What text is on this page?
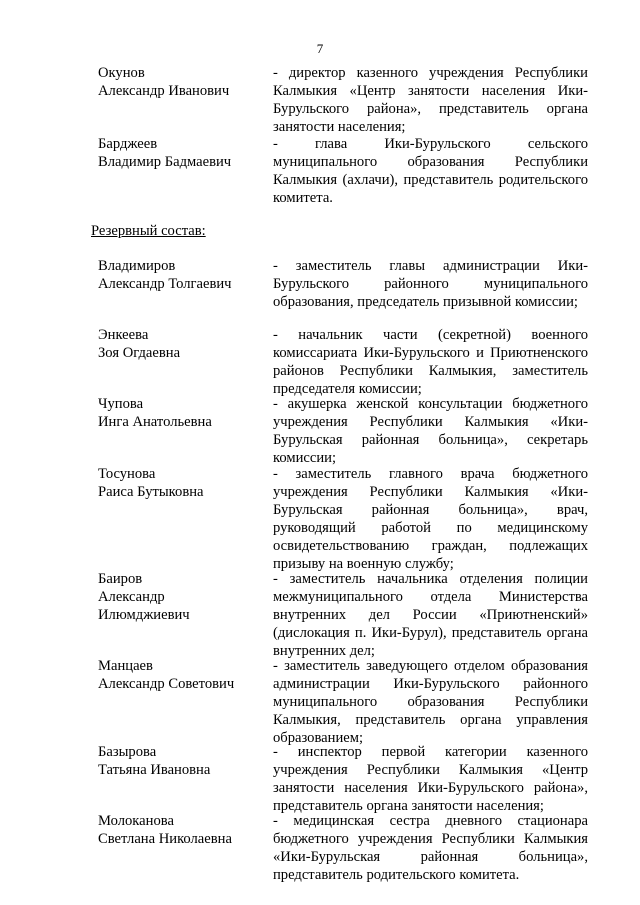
7
Окунов
Александр Иванович
- директор казенного учреждения Республики Калмыкия «Центр занятости населения Ики-Бурульского района», представитель органа занятости населения;
Барджеев
Владимир Бадмаевич
- глава Ики-Бурульского сельского муниципального образования Республики Калмыкия (ахлачи), представитель родительского комитета.
Резервный состав:
Владимиров
Александр Толгаевич
- заместитель главы администрации Ики-Бурульского районного муниципального образования, председатель призывной комиссии;
Энкеева
Зоя Огдаевна
- начальник части (секретной) военного комиссариата Ики-Бурульского и Приютненского районов Республики Калмыкия, заместитель председателя комиссии;
Чупова
Инга Анатольевна
- акушерка женской консультации бюджетного учреждения Республики Калмыкия «Ики-Бурульская районная больница», секретарь комиссии;
Тосунова
Раиса Бутыковна
- заместитель главного врача бюджетного учреждения Республики Калмыкия «Ики-Бурульская районная больница», врач, руководящий работой по медицинскому освидетельствованию граждан, подлежащих призыву на военную службу;
Баиров
Александр
Илюмджиевич
- заместитель начальника отделения полиции межмуниципального отдела Министерства внутренних дел России «Приютненский» (дислокация п. Ики-Бурул), представитель органа внутренних дел;
Манцаев
Александр Советович
- заместитель заведующего отделом образования администрации Ики-Бурульского районного муниципального образования Республики Калмыкия, представитель органа управления образованием;
Базырова
Татьяна Ивановна
- инспектор первой категории казенного учреждения Республики Калмыкия «Центр занятости населения Ики-Бурульского района», представитель органа занятости населения;
Молоканова
Светлана Николаевна
- медицинская сестра дневного стационара бюджетного учреждения Республики Калмыкия «Ики-Бурульская районная больница», представитель родительского комитета.
